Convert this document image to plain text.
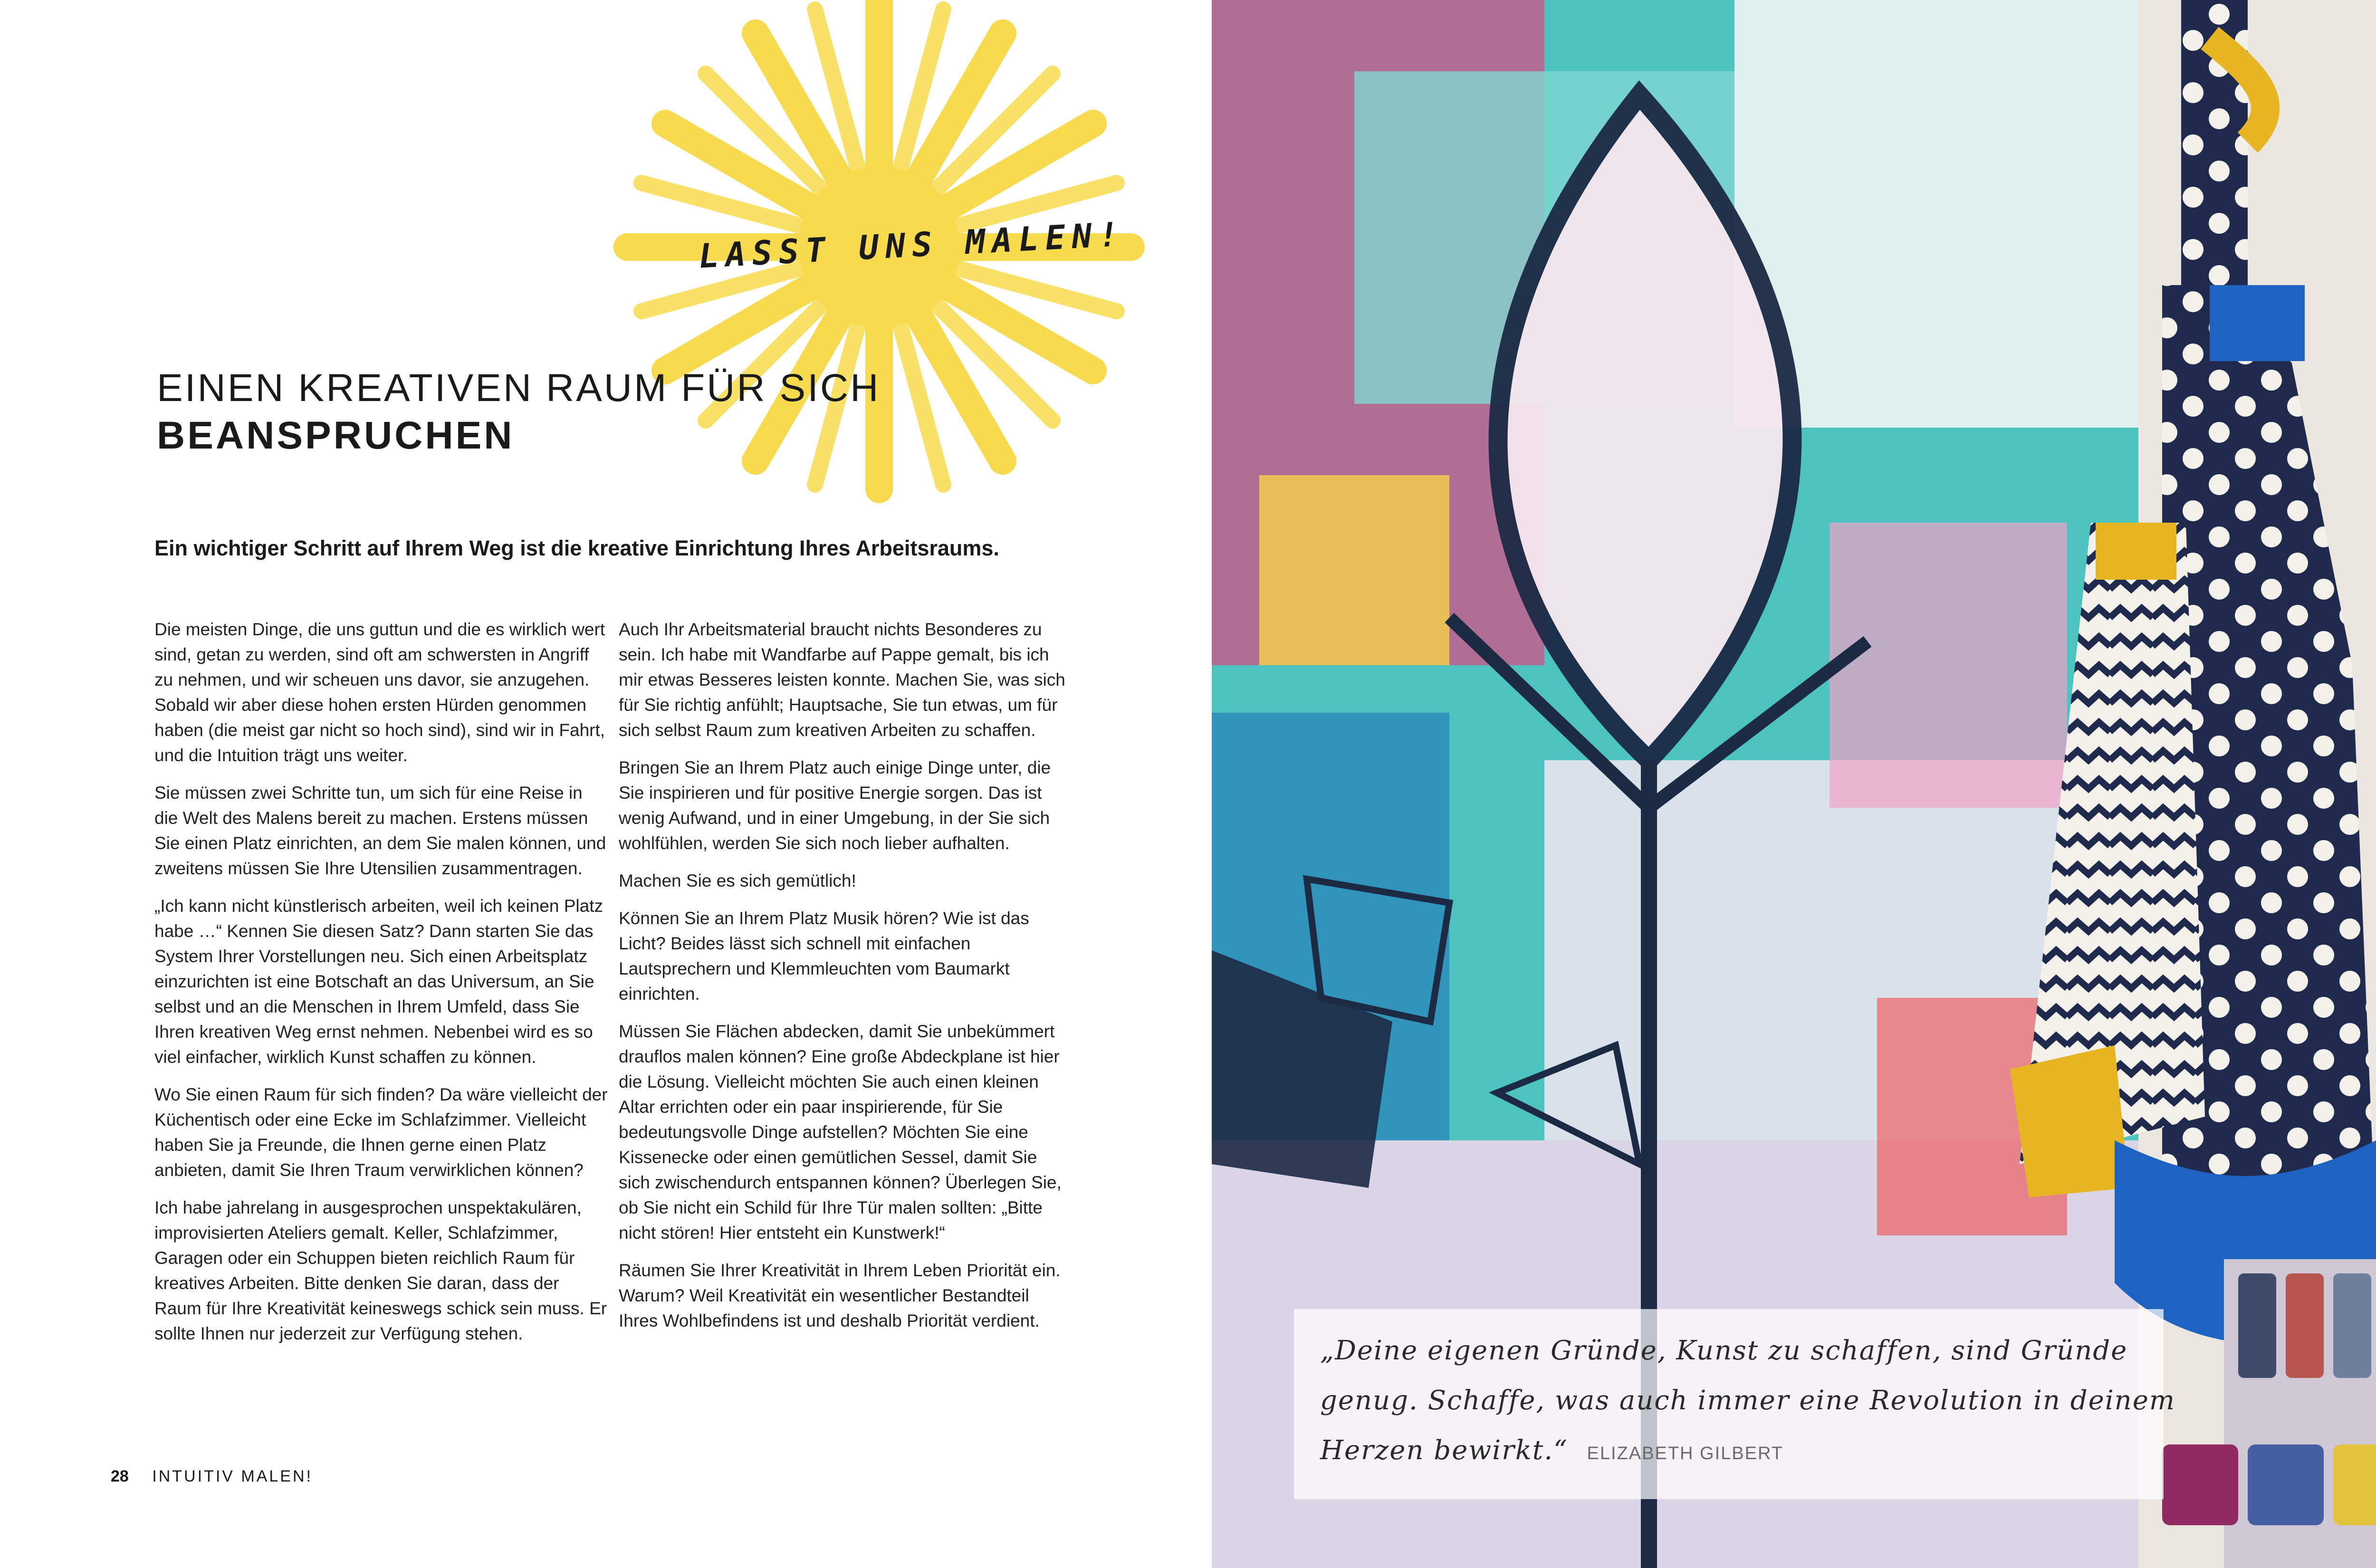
LASST UNS MALEN!
EINEN KREATIVEN RAUM FÜR SICH
BEANSPRUCHEN
Ein wichtiger Schritt auf Ihrem Weg ist die kreative Einrichtung Ihres Arbeitsraums.

Die meisten Dinge, die uns guttun und die es wirklich wert sind, getan zu werden, sind oft am schwersten in Angriff zu nehmen, und wir scheuen uns davor, sie anzugehen. Sobald wir aber diese hohen ersten Hürden genommen haben (die meist gar nicht so hoch sind), sind wir in Fahrt, und die Intuition trägt uns weiter.

Sie müssen zwei Schritte tun, um sich für eine Reise in die Welt des Malens bereit zu machen. Erstens müssen Sie einen Platz einrichten, an dem Sie malen können, und zweitens müssen Sie Ihre Utensilien zusammentragen.

„Ich kann nicht künstlerisch arbeiten, weil ich keinen Platz habe …“ Kennen Sie diesen Satz? Dann starten Sie das System Ihrer Vorstellungen neu. Sich einen Arbeitsplatz einzurichten ist eine Botschaft an das Universum, an Sie selbst und an die Menschen in Ihrem Umfeld, dass Sie Ihren kreativen Weg ernst nehmen. Nebenbei wird es so viel einfacher, wirklich Kunst schaffen zu können.

Wo Sie einen Raum für sich finden? Da wäre vielleicht der Küchentisch oder eine Ecke im Schlafzimmer. Vielleicht haben Sie ja Freunde, die Ihnen gerne einen Platz anbieten, damit Sie Ihren Traum verwirklichen können?

Ich habe jahrelang in ausgesprochen unspektakulären, improvisierten Ateliers gemalt. Keller, Schlafzimmer, Garagen oder ein Schuppen bieten reichlich Raum für kreatives Arbeiten. Bitte denken Sie daran, dass der Raum für Ihre Kreativität keineswegs schick sein muss. Er sollte Ihnen nur jederzeit zur Verfügung stehen.

Auch Ihr Arbeitsmaterial braucht nichts Besonderes zu sein. Ich habe mit Wandfarbe auf Pappe gemalt, bis ich mir etwas Besseres leisten konnte. Machen Sie, was sich für Sie richtig anfühlt; Hauptsache, Sie tun etwas, um für sich selbst Raum zum kreativen Arbeiten zu schaffen.

Bringen Sie an Ihrem Platz auch einige Dinge unter, die Sie inspirieren und für positive Energie sorgen. Das ist wenig Aufwand, und in einer Umgebung, in der Sie sich wohlfühlen, werden Sie sich noch lieber aufhalten.

Machen Sie es sich gemütlich!

Können Sie an Ihrem Platz Musik hören? Wie ist das Licht? Beides lässt sich schnell mit einfachen Lautsprechern und Klemmleuchten vom Baumarkt einrichten.

Müssen Sie Flächen abdecken, damit Sie unbekümmert drauflos malen können? Eine große Abdeckplane ist hier die Lösung. Vielleicht möchten Sie auch einen kleinen Altar errichten oder ein paar inspirierende, für Sie bedeutungsvolle Dinge aufstellen? Möchten Sie eine Kissenecke oder einen gemütlichen Sessel, damit Sie sich zwischendurch entspannen können? Überlegen Sie, ob Sie nicht ein Schild für Ihre Tür malen sollten: „Bitte nicht stören! Hier entsteht ein Kunstwerk!“

Räumen Sie Ihrer Kreativität in Ihrem Leben Priorität ein. Warum? Weil Kreativität ein wesentlicher Bestandteil Ihres Wohlbefindens ist und deshalb Priorität verdient.

28 INTUITIV MALEN!
„Deine eigenen Gründe, Kunst zu schaffen, sind Gründe genug. Schaffe, was auch immer eine Revolution in deinem Herzen bewirkt.“ ELIZABETH GILBERT
